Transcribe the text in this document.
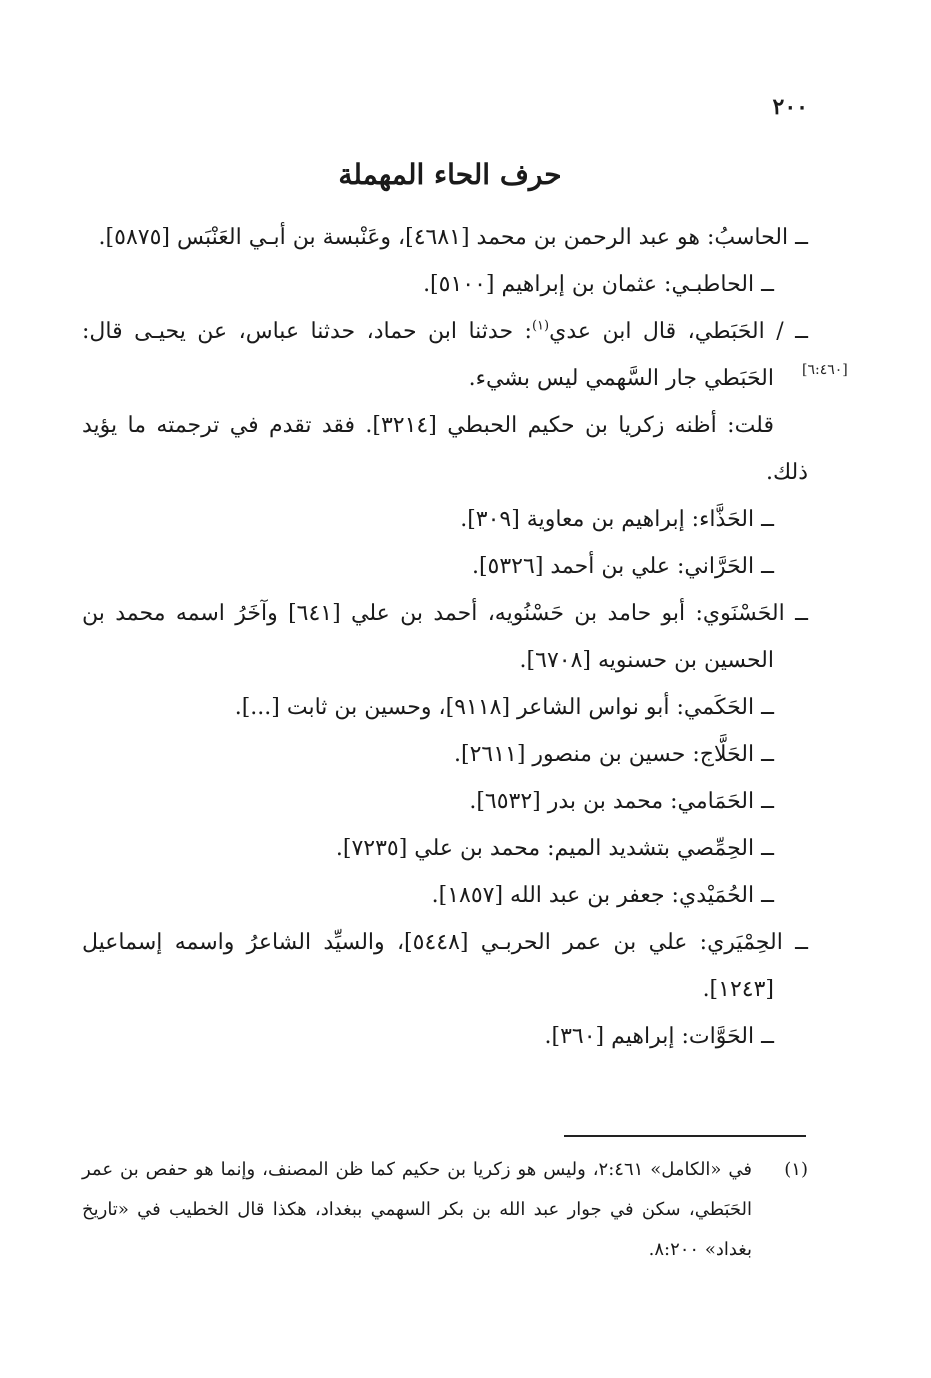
٢٠٠
حرف الحاء المهملة
[٦:٤٦٠]

ــ الحاسبُ: هو عبد الرحمن بن محمد [٤٦٨١]، وعَنْبسة بن أبـي العَنْبَس [٥٨٧٥].

ــ الحاطبـي: عثمان بن إبراهيم [٥١٠٠].

ــ / الحَبَطي، قال ابن عدي$^{(١)}$: حدثنا ابن حماد، حدثنا عباس، عن يحيـى قال: الحَبَطي جار السَّهمي ليس بشيء.

قلت: أظنه زكريا بن حكيم الحبطي [٣٢١٤]. فقد تقدم في ترجمته ما يؤيد ذلك.

ــ الحَذَّاء: إبراهيم بن معاوية [٣٠٩].

ــ الحَرَّاني: علي بن أحمد [٥٣٢٦].

ــ الحَسْنَوي: أبو حامد بن حَسْنُويه، أحمد بن علي [٦٤١] وآخَرُ اسمه محمد بن الحسين بن حسنويه [٦٧٠٨].

ــ الحَكَمي: أبو نواس الشاعر [٩١١٨]، وحسين بن ثابت [...].

ــ الحَلَّاج: حسين بن منصور [٢٦١١].

ــ الحَمَامي: محمد بن بدر [٦٥٣٢].

ــ الحِمِّصي بتشديد الميم: محمد بن علي [٧٢٣٥].

ــ الحُمَيْدي: جعفر بن عبد الله [١٨٥٧].

ــ الحِمْيَري: علي بن عمر الحربـي [٥٤٤٨]، والسيِّد الشاعرُ واسمه إسماعيل [١٢٤٣].

ــ الحَوَّات: إبراهيم [٣٦٠].

(١)في «الكامل» ٢:٤٦١، وليس هو زكريا بن حكيم كما ظن المصنف، وإنما هو حفص بن عمر الحَبَطي، سكن في جوار عبد الله بن بكر السهمي ببغداد، هكذا قال الخطيب في «تاريخ بغداد» ٨:٢٠٠.
